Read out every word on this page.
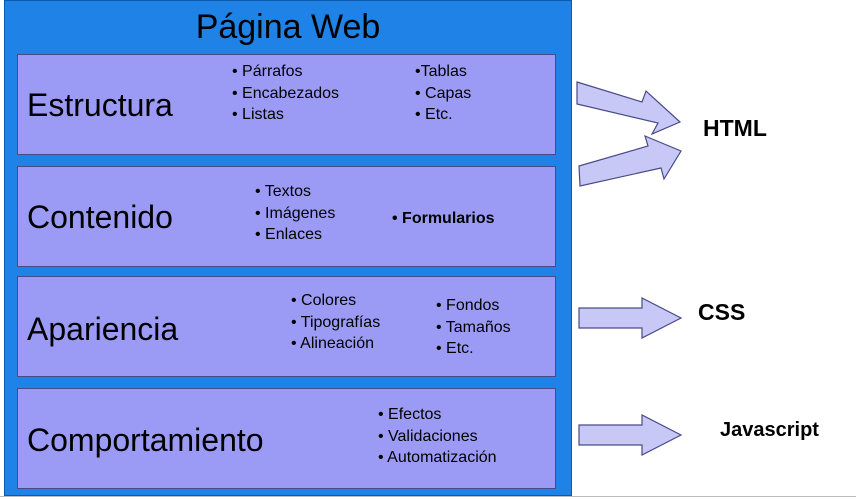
Página Web
Estructura
• Párrafos
• Encabezados
• Listas
•Tablas
• Capas
• Etc.
Contenido
• Textos
• Imágenes
• Enlaces
• Formularios
Apariencia
• Colores
• Tipografías
• Alineación
• Fondos
• Tamaños
• Etc.
Comportamiento
• Efectos
• Validaciones
• Automatización
HTML
CSS
Javascript
